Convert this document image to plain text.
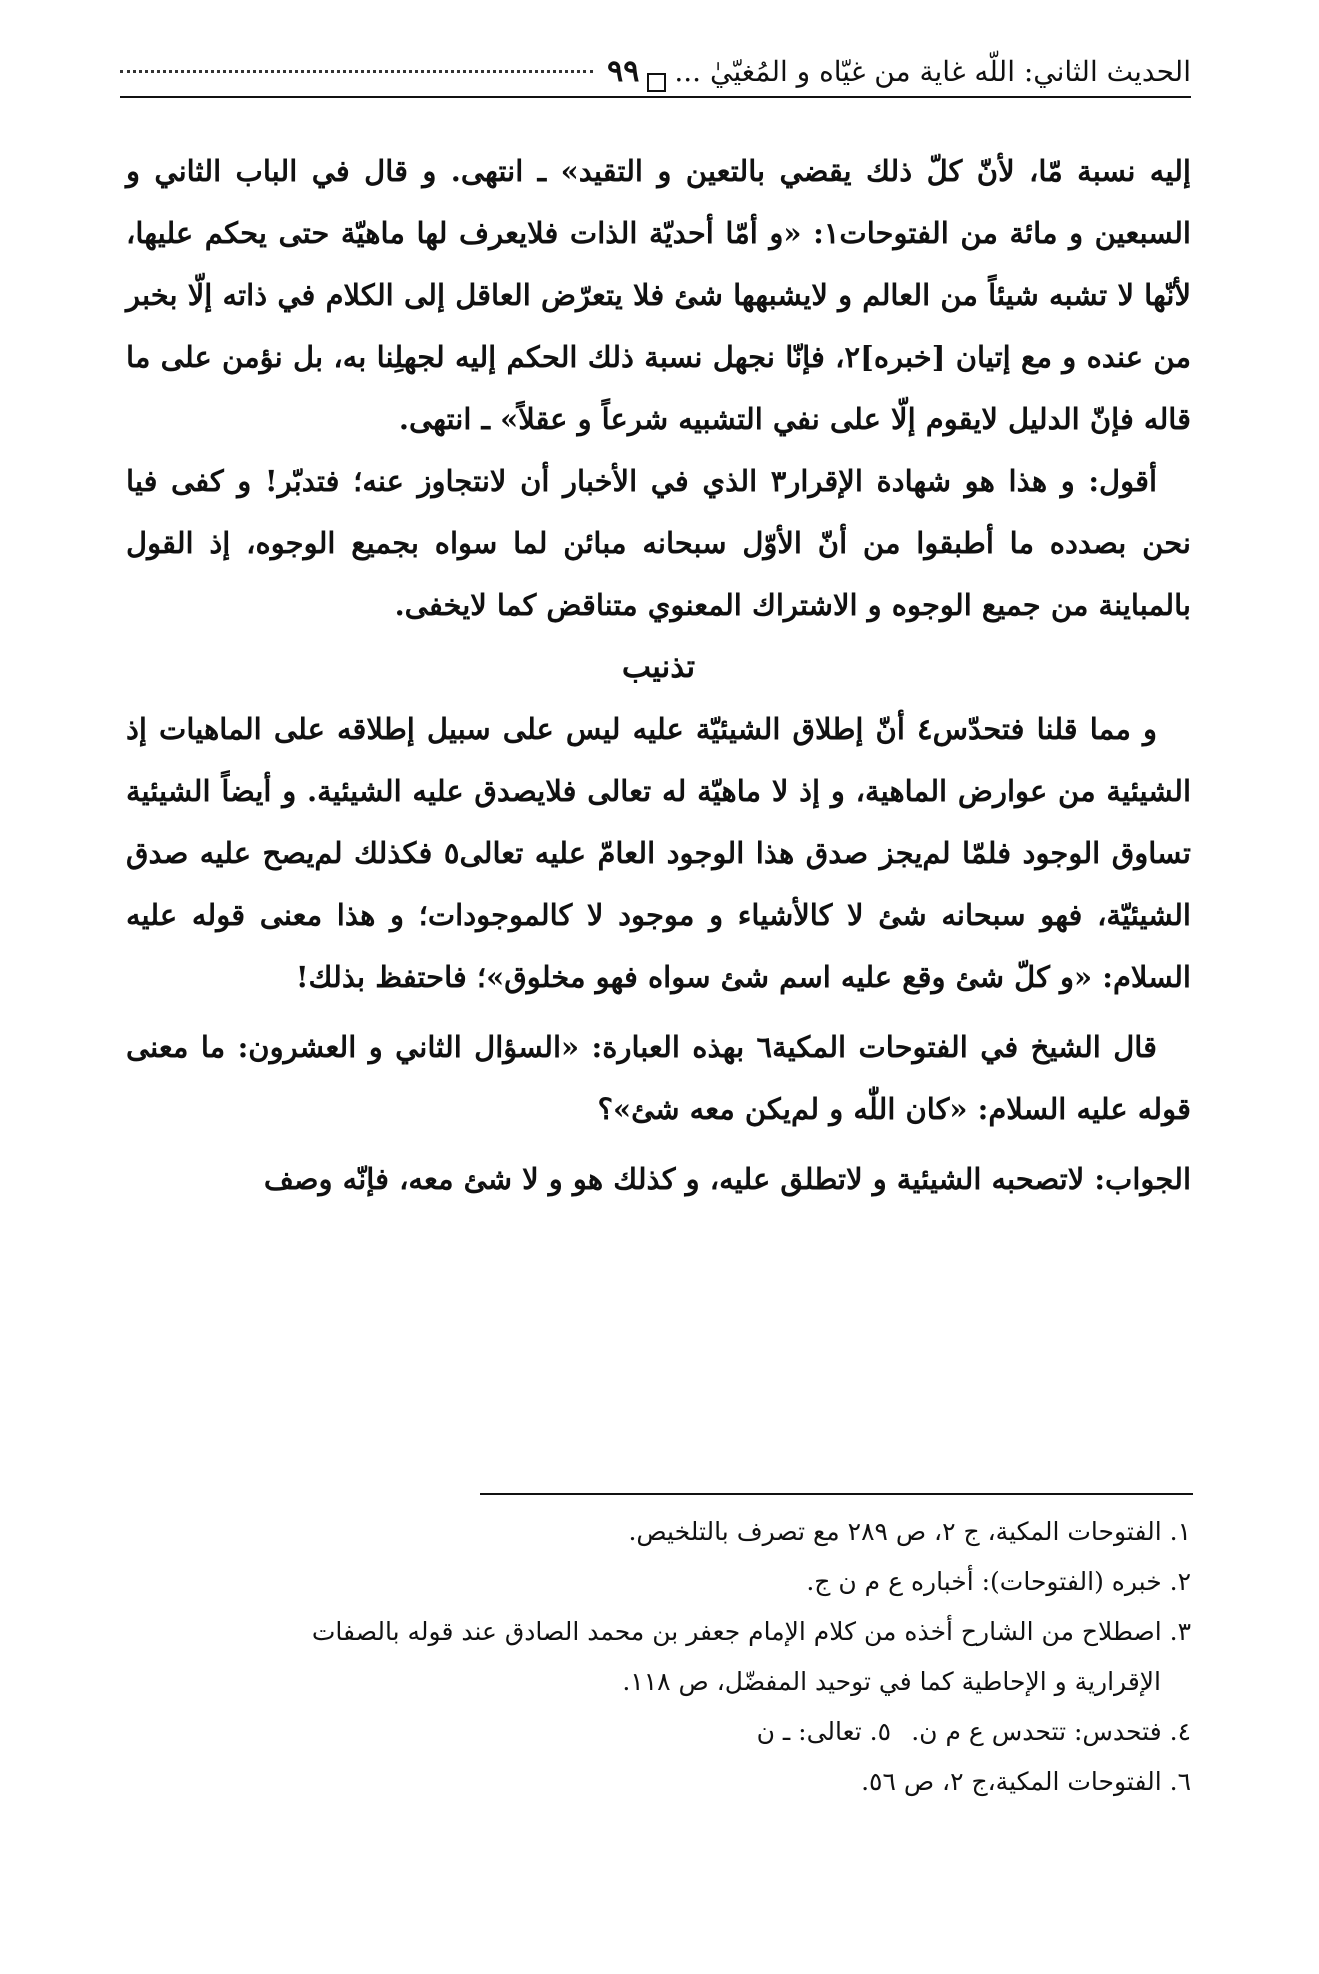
الحديث الثاني: اللّه غاية من غيّاه و المُغيّيٰ ...
٩٩

إليه نسبة مّا، لأنّ كلّ ذلك يقضي بالتعين و التقيد» ـ انتهى. و قال في الباب الثاني و السبعين و مائة من الفتوحات١: «و أمّا أحديّة الذات فلايعرف لها ماهيّة حتى يحكم عليها، لأنّها لا تشبه شيئاً من العالم و لايشبهها شئ فلا يتعرّض العاقل إلى الكلام في ذاته إلّا بخبر من عنده و مع إتيان [خبره]٢، فإنّا نجهل نسبة ذلك الحكم إليه لجهلِنا به، بل نؤمن على ما قاله فإنّ الدليل لايقوم إلّا على نفي التشبيه شرعاً و عقلاً» ـ انتهى.

أقول: و هذا هو شهادة الإقرار٣ الذي في الأخبار أن لانتجاوز عنه؛ فتدبّر! و كفى فيا نحن بصدده ما أطبقوا من أنّ الأوّل سبحانه مبائن لما سواه بجميع الوجوه، إذ القول بالمباينة من جميع الوجوه و الاشتراك المعنوي متناقض كما لايخفى.

تذنيب

و مما قلنا فتحدّس٤ أنّ إطلاق الشيئيّة عليه ليس على سبيل إطلاقه على الماهيات إذ الشيئية من عوارض الماهية، و إذ لا ماهيّة له تعالى فلايصدق عليه الشيئية. و أيضاً الشيئية تساوق الوجود فلمّا لم‌يجز صدق هذا الوجود العامّ عليه تعالى٥ فكذلك لم‌يصح عليه صدق الشيئيّة، فهو سبحانه شئ لا كالأشياء و موجود لا كالموجودات؛ و هذا معنى قوله عليه السلام: «و كلّ شئ وقع عليه اسم شئ سواه فهو مخلوق»؛ فاحتفظ بذلك!

قال الشيخ في الفتوحات المكية٦ بهذه العبارة: «السؤال الثاني و العشرون: ما معنى قوله عليه السلام: «كان اللّٰه و لم‌يكن معه شئ»؟

الجواب: لاتصحبه الشيئية و لاتطلق عليه، و كذلك هو و لا شئ معه، فإنّه وصف

١. الفتوحات المكية، ج ٢، ص ٢٨٩ مع تصرف بالتلخيص.

٢. خبره (الفتوحات): أخباره ع م ن ج.

٣. اصطلاح من الشارح أخذه من كلام الإمام جعفر بن محمد الصادق عند قوله بالصفات

الإقرارية و الإحاطية كما في توحيد المفضّل، ص ١١٨.

٤. فتحدس: تتحدس ع م ن.

٥. تعالى: ـ ن

٦. الفتوحات المكية،ج ٢، ص ٥٦.
